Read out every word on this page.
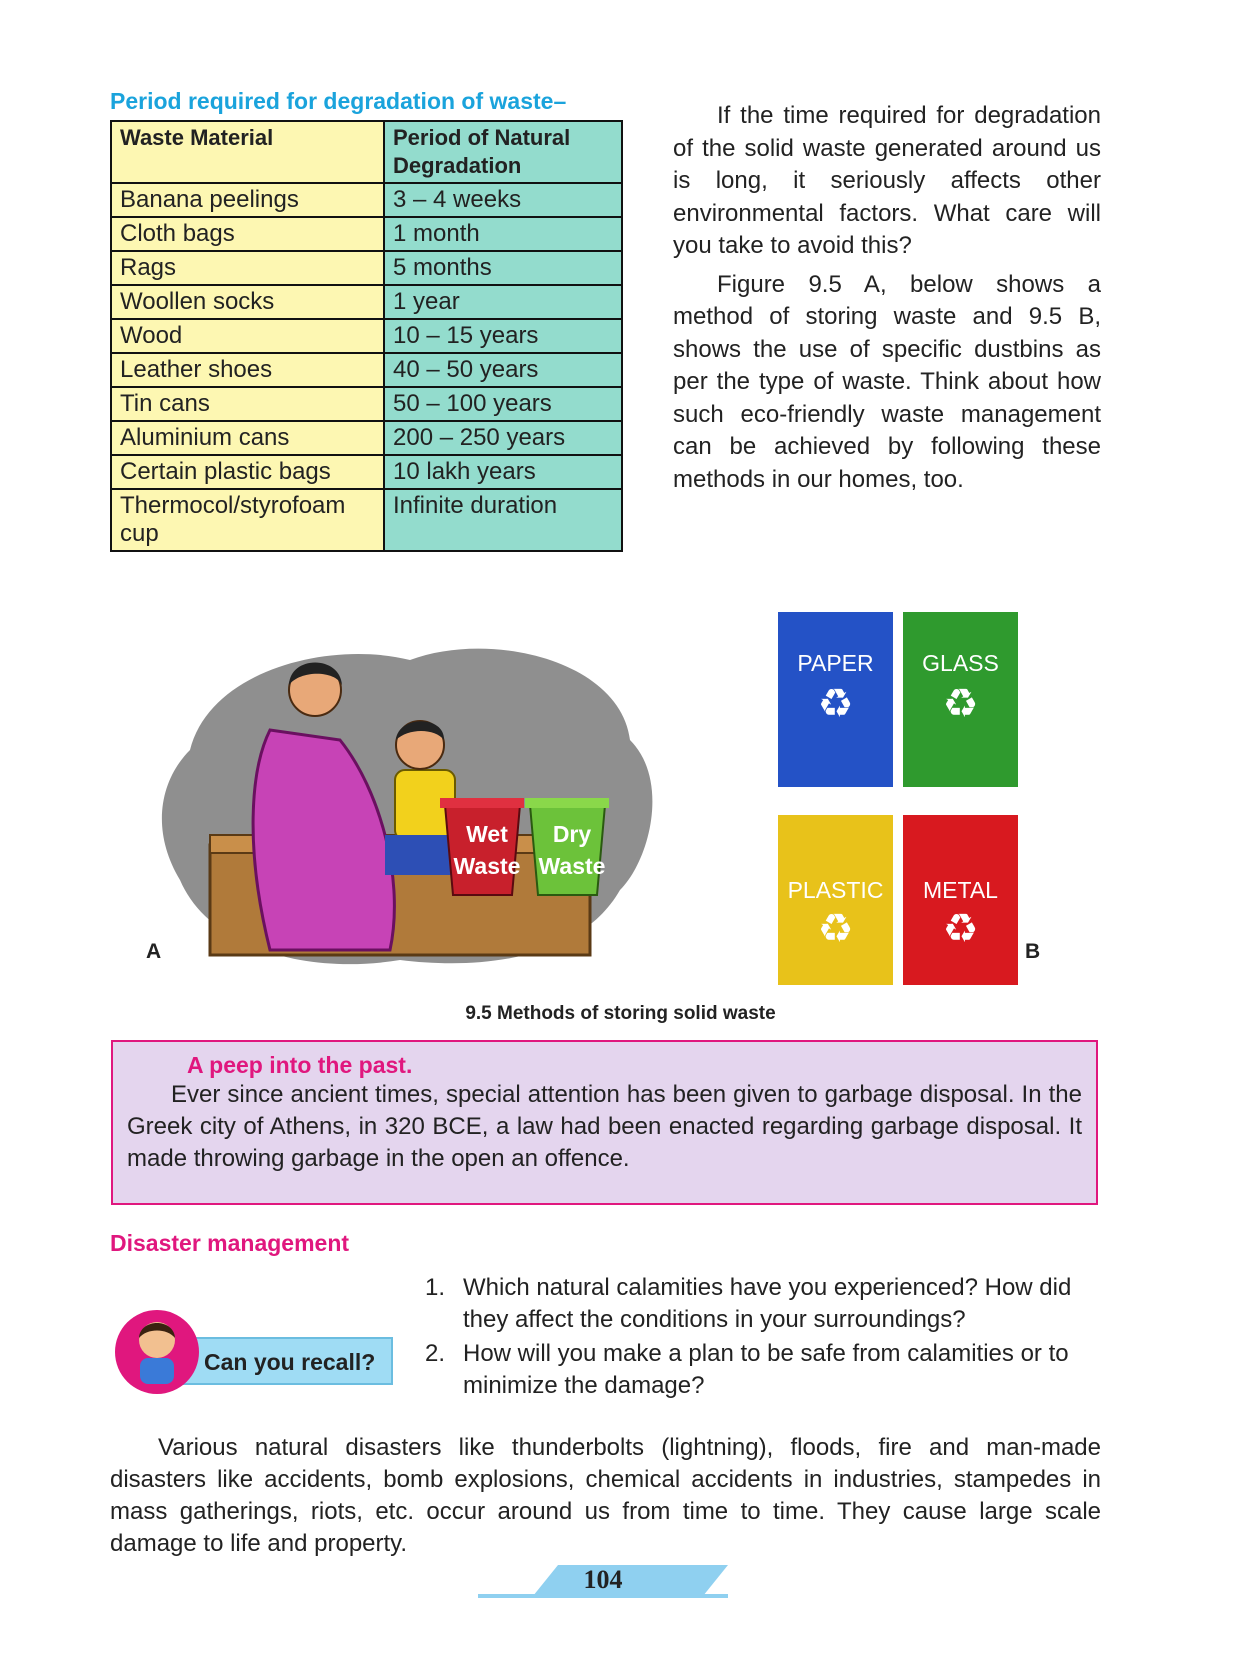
Period required for degradation of waste–
Waste Material	Period of Natural Degradation
Banana peelings	3 – 4 weeks
Cloth bags	1 month
Rags	5 months
Woollen socks	1 year
Wood	10 – 15 years
Leather shoes	40 – 50 years
Tin cans	50 – 100 years
Aluminium cans	200 – 250 years
Certain plastic bags	10 lakh years
Thermocol/styrofoam cup	Infinite duration

If the time required for degradation of the solid waste generated around us is long, it seriously affects other environmental factors. What care will you take to avoid this?

Figure 9.5 A, below shows a method of storing waste and 9.5 B, shows the use of specific dustbins as per the type of waste. Think about how such eco-friendly waste management can be achieved by following these methods in our homes, too.

Wet
Waste
Dry
Waste
A
PAPER
♻
GLASS
♻
PLASTIC
♻
METAL
♻
B
9.5 Methods of storing solid waste
A peep into the past.
Ever since ancient times, special attention has been given to garbage disposal. In the Greek city of Athens, in 320 BCE, a law had been enacted regarding garbage disposal. It made throwing garbage in the open an offence.
Disaster management
Can you recall?
1. Which natural calamities have you experienced? How did they affect the conditions in your surroundings?
2. How will you make a plan to be safe from calamities or to minimize the damage?
Various natural disasters like thunderbolts (lightning), floods, fire and man-made disasters like accidents, bomb explosions, chemical accidents in industries, stampedes in mass gatherings, riots, etc. occur around us from time to time. They cause large scale damage to life and property.
104
